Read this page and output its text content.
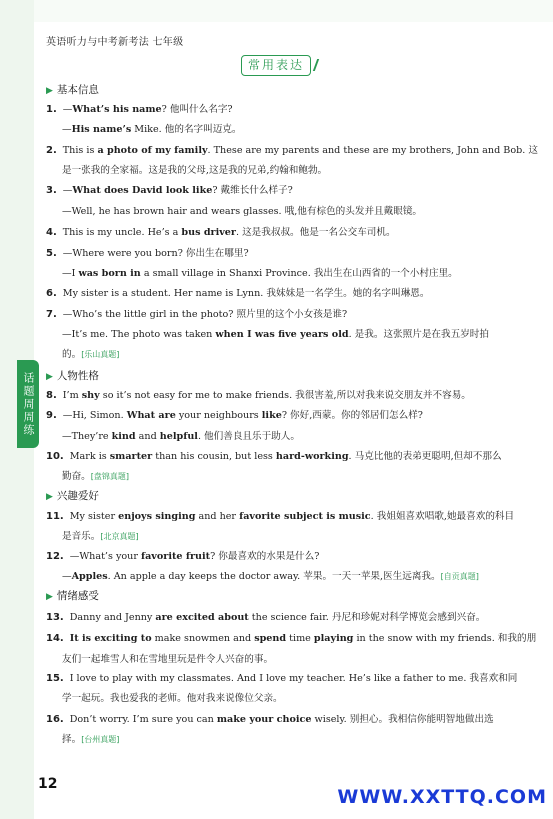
英语听力与中考新考法 七年级
常用表达
话题周周练
▶ 基本信息
▶ 人物性格
▶ 兴趣爱好
▶ 情绪感受
1. —What’s his name? 他叫什么名字?
—His name’s Mike. 他的名字叫迈克。
2. This is a photo of my family. These are my parents and these are my brothers, John and Bob. 这
是一张我的全家福。这是我的父母,这是我的兄弟,约翰和鲍勃。
3. —What does David look like? 戴维长什么样子?
—Well, he has brown hair and wears glasses. 哦,他有棕色的头发并且戴眼镜。
4. This is my uncle. He’s a bus driver. 这是我叔叔。他是一名公交车司机。
5. —Where were you born? 你出生在哪里?
—I was born in a small village in Shanxi Province. 我出生在山西省的一个小村庄里。
6. My sister is a student. Her name is Lynn. 我妹妹是一名学生。她的名字叫琳恩。
7. —Who’s the little girl in the photo? 照片里的这个小女孩是谁?
—It’s me. The photo was taken when I was five years old. 是我。这张照片是在我五岁时拍
的。[乐山真题]
8. I’m shy so it’s not easy for me to make friends. 我很害羞,所以对我来说交朋友并不容易。
9. —Hi, Simon. What are your neighbours like? 你好,西蒙。你的邻居们怎么样?
—They’re kind and helpful. 他们善良且乐于助人。
10. Mark is smarter than his cousin, but less hard-working. 马克比他的表弟更聪明,但却不那么
勤奋。[盘锦真题]
11. My sister enjoys singing and her favorite subject is music. 我姐姐喜欢唱歌,她最喜欢的科目
是音乐。[北京真题]
12. —What’s your favorite fruit? 你最喜欢的水果是什么?
—Apples. An apple a day keeps the doctor away. 苹果。一天一苹果,医生远离我。[自贡真题]
13. Danny and Jenny are excited about the science fair. 丹尼和珍妮对科学博览会感到兴奋。
14. It is exciting to make snowmen and spend time playing in the snow with my friends. 和我的朋
友们一起堆雪人和在雪地里玩是件令人兴奋的事。
15. I love to play with my classmates. And I love my teacher. He’s like a father to me. 我喜欢和同
学一起玩。我也爱我的老师。他对我来说像位父亲。
16. Don’t worry. I’m sure you can make your choice wisely. 别担心。我相信你能明智地做出选
择。[台州真题]
12
WWW.XXTTQ.COM
